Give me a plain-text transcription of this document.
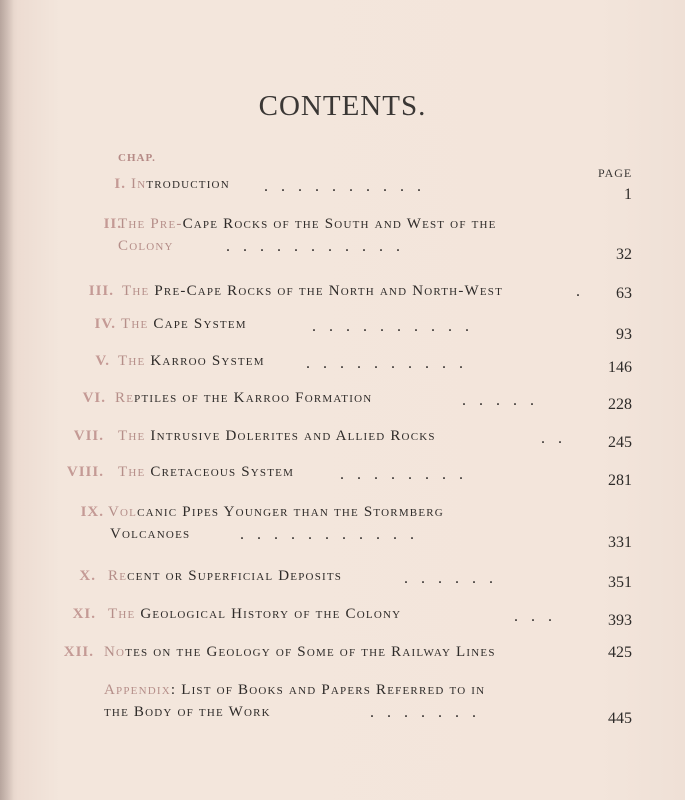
CONTENTS.
CHAP.
PAGE
I. Introduction ..........	1
II.
The Pre-Cape Rocks of the South and West of the
Colony	...........	32
III. The Pre-Cape Rocks of the North and North-West	. 63
IV. The Cape System	..........	93
V. The Karroo System	..........	146
VI. Reptiles of the Karroo Formation	.....	228
VII. The Intrusive Dolerites and Allied Rocks	.. 245
VIII. The Cretaceous System	........	281
IX. Volcanic Pipes Younger than the Stormberg
Volcanoes	...........	331
X. Recent or Superficial Deposits	......	351
XI. The Geological History of the Colony	...	393
XII. Notes on the Geology of Some of the Railway Lines	425
Appendix: List of Books and Papers Referred to in
the Body of the Work	.......	445
